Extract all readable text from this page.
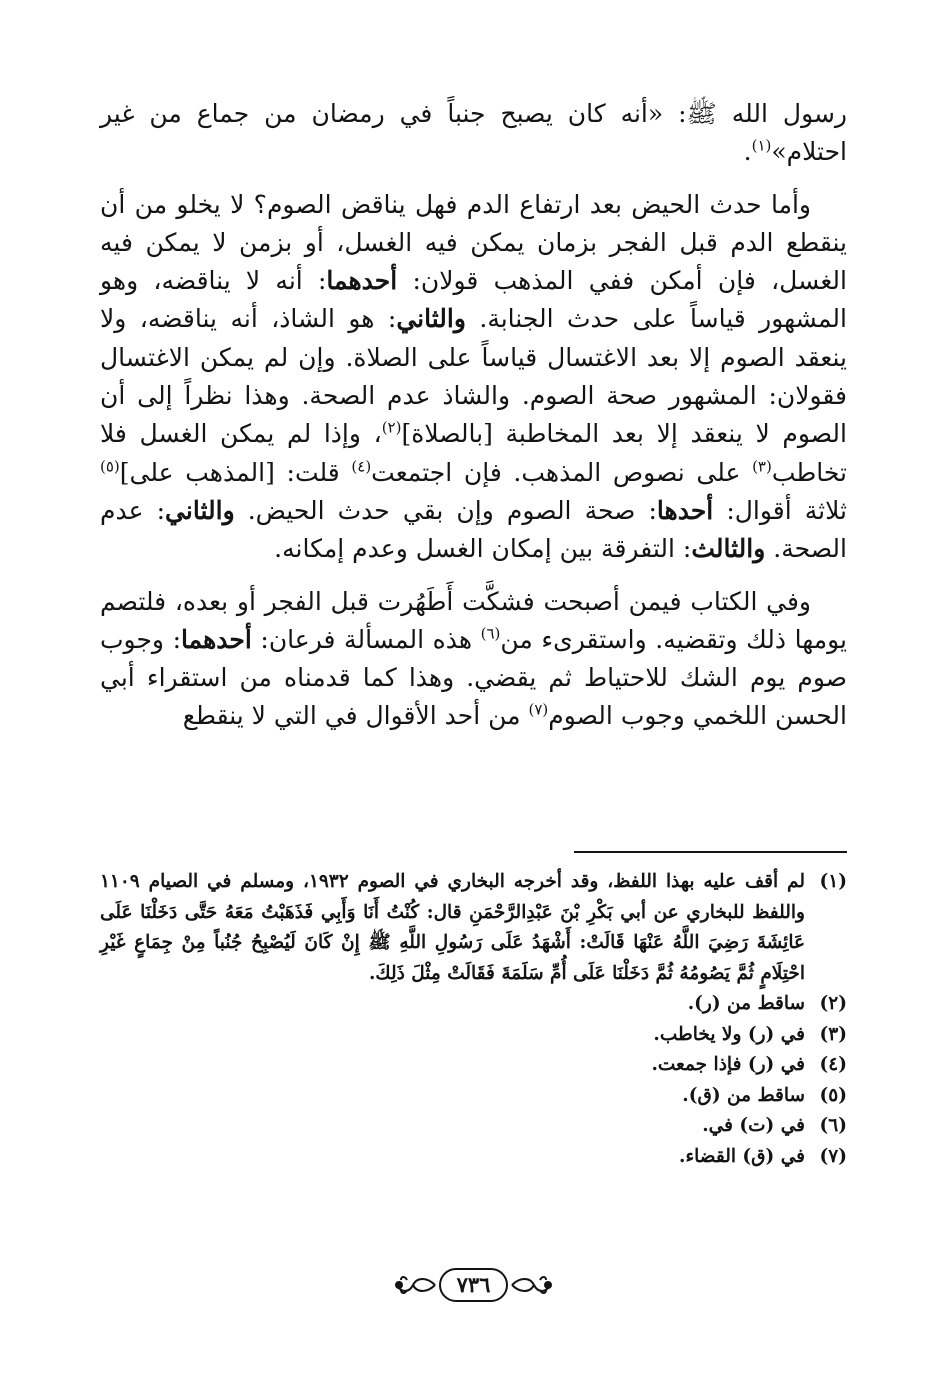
رسول الله ﷺ: «أنه كان يصبح جنباً في رمضان من جماع من غير احتلام»$^{(١)}$.

وأما حدث الحيض بعد ارتفاع الدم فهل يناقض الصوم؟ لا يخلو من أن ينقطع الدم قبل الفجر بزمان يمكن فيه الغسل، أو بزمن لا يمكن فيه الغسل، فإن أمكن ففي المذهب قولان: أحدهما: أنه لا يناقضه، وهو المشهور قياساً على حدث الجنابة. والثاني: هو الشاذ، أنه يناقضه، ولا ينعقد الصوم إلا بعد الاغتسال قياساً على الصلاة. وإن لم يمكن الاغتسال فقولان: المشهور صحة الصوم. والشاذ عدم الصحة. وهذا نظراً إلى أن الصوم لا ينعقد إلا بعد المخاطبة [بالصلاة]$^{(٢)}$، وإذا لم يمكن الغسل فلا تخاطب$^{(٣)}$ على نصوص المذهب. فإن اجتمعت$^{(٤)}$ قلت: [المذهب على]$^{(٥)}$ ثلاثة أقوال: أحدها: صحة الصوم وإن بقي حدث الحيض. والثاني: عدم الصحة. والثالث: التفرقة بين إمكان الغسل وعدم إمكانه.

وفي الكتاب فيمن أصبحت فشكَّت أَطَهُرت قبل الفجر أو بعده، فلتصم يومها ذلك وتقضيه. واستقرىء من$^{(٦)}$ هذه المسألة فرعان: أحدهما: وجوب صوم يوم الشك للاحتياط ثم يقضي. وهذا كما قدمناه من استقراء أبي الحسن اللخمي وجوب الصوم$^{(٧)}$ من أحد الأقوال في التي لا ينقطع

(١)
لم أقف عليه بهذا اللفظ، وقد أخرجه البخاري في الصوم ١٩٣٢، ومسلم في الصيام ١١٠٩ واللفظ للبخاري عن أبي بَكْرِ بْنَ عَبْدِالرَّحْمَنِ قال: كُنْتُ أَنَا وَأَبِي فَذَهَبْتُ مَعَهُ حَتَّى دَخَلْنَا عَلَى عَائِشَةَ رَضِيَ اللَّهُ عَنْهَا قَالَتْ: أَشْهَدُ عَلَى رَسُولِ اللَّهِ ﷺ إِنْ كَانَ لَيُصْبِحُ جُنُباً مِنْ جِمَاعٍ غَيْرِ احْتِلَامٍ ثُمَّ يَصُومُهُ ثُمَّ دَخَلْنَا عَلَى أُمِّ سَلَمَةَ فَقَالَتْ مِثْلَ ذَلِكَ.
(٢)
ساقط من (ر).
(٣)
في (ر) ولا يخاطب.
(٤)
في (ر) فإذا جمعت.
(٥)
ساقط من (ق).
(٦)
في (ت) في.
(٧)
في (ق) القضاء.
٧٣٦
